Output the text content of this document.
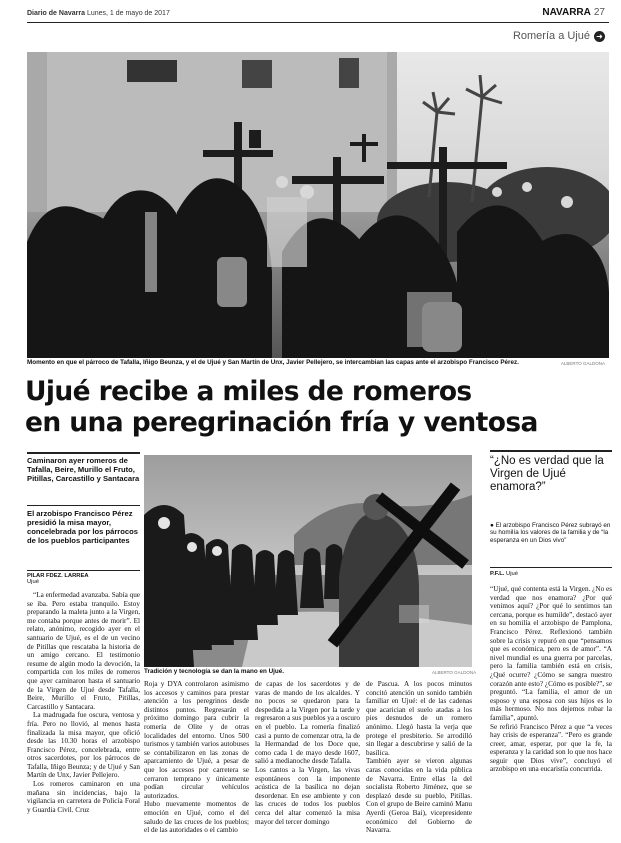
Diario de Navarra Lunes, 1 de mayo de 2017	NAVARRA 27
Romería a Ujué ➜
Momento en que el párroco de Tafalla, Iñigo Beunza, y el de Ujué y San Martín de Unx, Javier Pellejero, se intercambian las capas ante el arzobispo Francisco Pérez.	ALBERTO GALDONA
Ujué recibe a miles de romeros
en una peregrinación fría y ventosa
Caminaron ayer romeros de Tafalla, Beire, Murillo el Fruto, Pitillas, Carcastillo y Santacara
El arzobispo Francisco Pérez presidió la misa mayor, concelebrada por los párrocos de los pueblos participantes
PILAR FDEZ. LARREA
Ujué

“La enfermedad avanzaba. Sabía que se iba. Pero estaba tranquilo. Estoy preparando la maleta junto a la Virgen, me contaba porque antes de morir”. El relato, anónimo, recogido ayer en el santuario de Ujué, es el de un vecino de Pitillas que rescataba la historia de un amigo cercano. El testimonio resume de algún modo la devoción, la compartida con los miles de romeros que ayer caminaron hasta el santuario de la Virgen de Ujué desde Tafalla, Beire, Murillo el Fruto, Pitillas, Carcastillo y Santacara.

La madrugada fue oscura, ventosa y fría. Pero no llovió, al menos hasta finalizada la misa mayor, que ofició desde las 10.30 horas el arzobispo Francisco Pérez, concelebrada, entre otros sacerdotes, por los párrocos de Tafalla, Iñigo Beunza; y de Ujué y San Martín de Unx, Javier Pellejero.

Los romeros caminaron en una mañana sin incidencias, bajo la vigilancia en carretera de Policía Foral y Guardia Civil. Cruz

Tradición y tecnología se dan la mano en Ujué.	ALBERTO GALDONA

Roja y DYA controlaron asimismo los accesos y caminos para prestar atención a los peregrinos desde distintos puntos. Regresarán el próximo domingo para cubrir la romería de Olite y de otras localidades del entorno. Unos 500 turismos y también varios autobuses se contabilizaron en las zonas de aparcamiento de Ujué, a pesar de que los accesos por carretera se cerraron temprano y únicamente podían circular vehículos autorizados.
Hubo nuevamente momentos de emoción en Ujué, como el del saludo de las cruces de los pueblos; el de las autoridades o el cambio

de capas de los sacerdotes y de varas de mando de los alcaldes. Y no pocos se quedaron para la despedida a la Virgen por la tarde y regresaron a sus pueblos ya a oscuro en el pueblo. La romería finalizó casi a punto de comenzar otra, la de la Hermandad de los Doce que, como cada 1 de mayo desde 1607, salió a medianoche desde Tafalla.
Los cantos a la Virgen, las vivas espontáneos con la imponente acústica de la basílica no dejan desordenar. En ese ambiente y con las cruces de todos los pueblos cerca del altar comenzó la misa mayor del tercer domingo

de Pascua. A los pocos minutos concitó atención un sonido también familiar en Ujué: el de las cadenas que acarician el suelo atadas a los pies desnudos de un romero anónimo. Llegó hasta la verja que protege el presbiterio. Se arrodilló sin llegar a descubrirse y salió de la basílica.
También ayer se vieron algunas caras conocidas en la vida pública de Navarra. Entre ellas la del socialista Roberto Jiménez, que se desplazó desde su pueblo, Pitillas. Con el grupo de Beire caminó Manu Ayerdi (Geroa Bai), vicepresidente económico del Gobierno de Navarra.

“¿No es verdad que la Virgen de Ujué enamora?”
● El arzobispo Francisco Pérez subrayó en su homilía los valores de la familia y de “la esperanza en un Dios vivo”
P.F.L. Ujué

“Ujué, qué contenta está la Virgen. ¿No es verdad que nos enamora? ¿Por qué venimos aquí? ¿Por qué lo sentimos tan cercana, porque es humilde”, destacó ayer en su homilía el arzobispo de Pamplona, Francisco Pérez. Reflexionó también sobre la crisis y repuró en que “pensamos que es económica, pero es de amor”. “A nivel mundial es una guerra por parcelas, pero la familia también está en crisis, ¿Qué ocurre? ¿Cómo se sangra nuestro corazón ante esto? ¿Cómo es posible?”, se preguntó. “La familia, el amor de un esposo y una esposa con sus hijos es lo más hermoso. No nos dejemos robar la familia”, apuntó.
Se refirió Francisco Pérez a que “a veces hay crisis de esperanza”. “Pero es grande creer, amar, esperar, por que la fe, la esperanza y la caridad son lo que nos hace seguir que Dios vive”, concluyó el arzobispo en una eucaristía concurrida.
